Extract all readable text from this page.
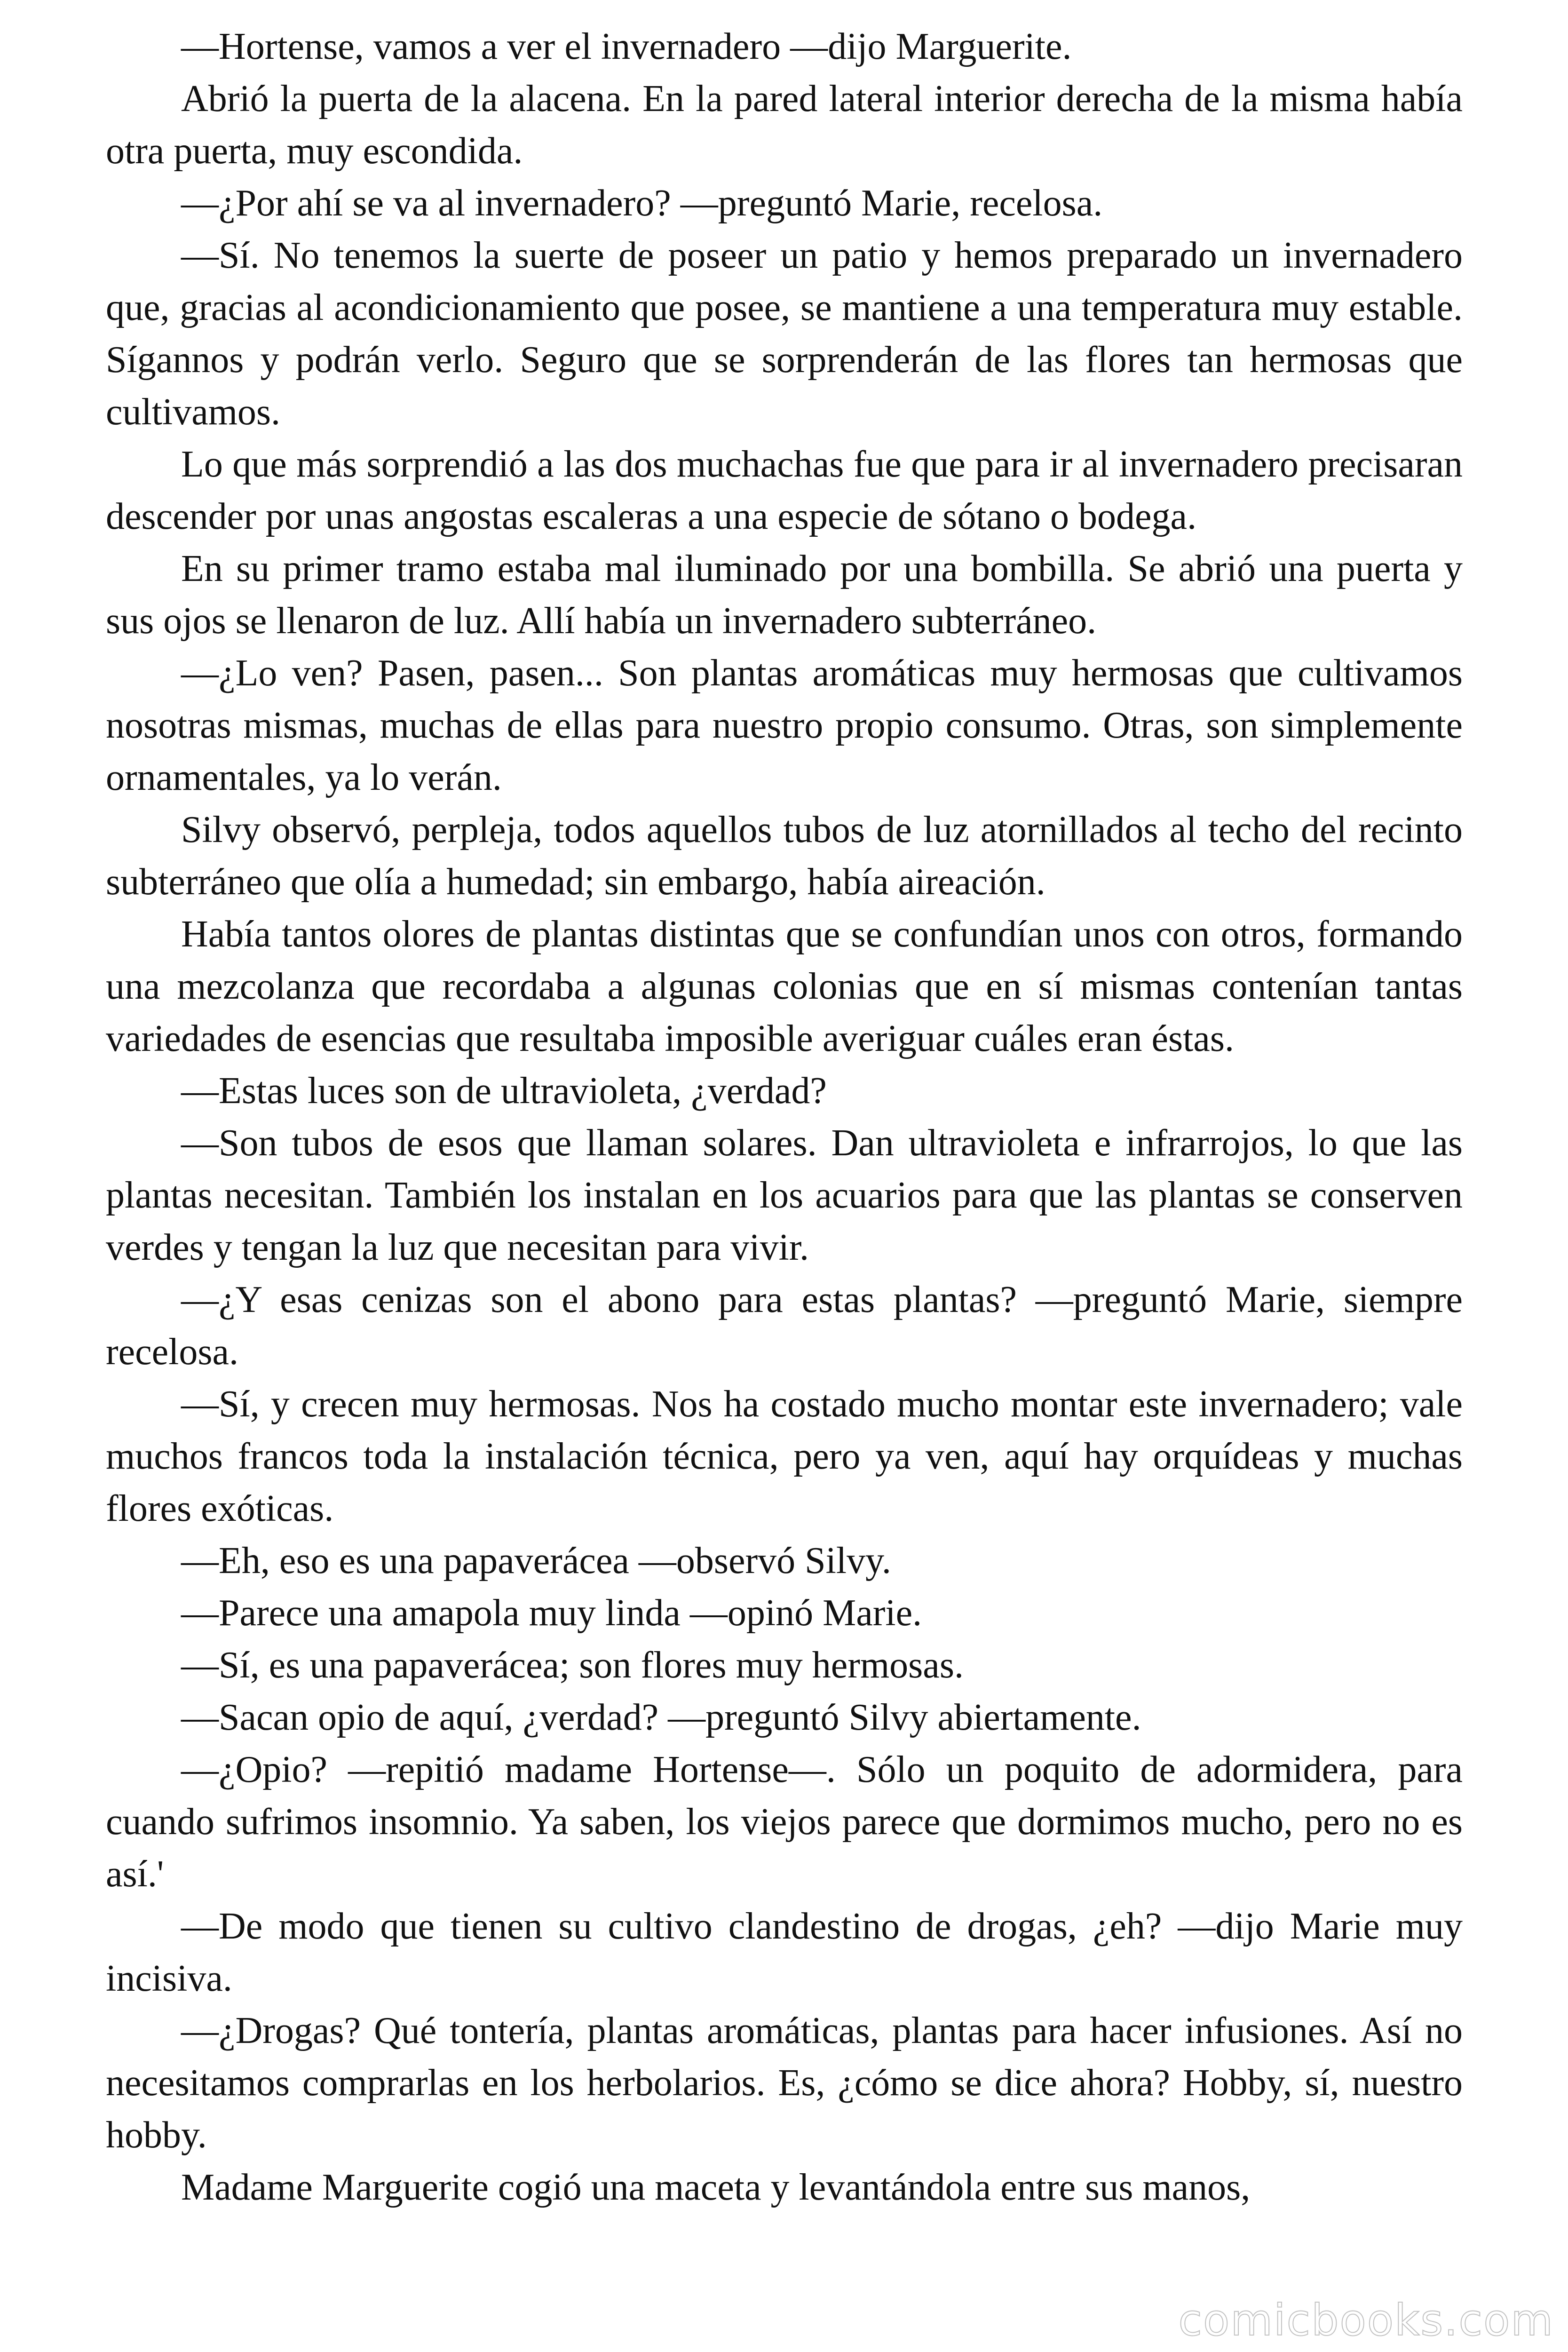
—Hortense, vamos a ver el invernadero —dijo Marguerite.

Abrió la puerta de la alacena. En la pared lateral interior derecha de la misma había otra puerta, muy escondida.

—¿Por ahí se va al invernadero? —preguntó Marie, recelosa.

—Sí. No tenemos la suerte de poseer un patio y hemos preparado un invernadero que, gracias al acondicionamiento que posee, se mantiene a una temperatura muy estable. Sígannos y podrán verlo. Seguro que se sorprenderán de las flores tan hermosas que cultivamos.

Lo que más sorprendió a las dos muchachas fue que para ir al invernadero precisaran descender por unas angostas escaleras a una especie de sótano o bodega.

En su primer tramo estaba mal iluminado por una bombilla. Se abrió una puerta y sus ojos se llenaron de luz. Allí había un invernadero subterráneo.

—¿Lo ven? Pasen, pasen... Son plantas aromáticas muy hermosas que cultivamos nosotras mismas, muchas de ellas para nuestro propio consumo. Otras, son simplemente ornamentales, ya lo verán.

Silvy observó, perpleja, todos aquellos tubos de luz atornillados al techo del recinto subterráneo que olía a humedad; sin embargo, había aireación.

Había tantos olores de plantas distintas que se confundían unos con otros, formando una mezcolanza que recordaba a algunas colonias que en sí mismas contenían tantas variedades de esencias que resultaba imposible averiguar cuáles eran éstas.

—Estas luces son de ultravioleta, ¿verdad?

—Son tubos de esos que llaman solares. Dan ultravioleta e infrarrojos, lo que las plantas necesitan. También los instalan en los acuarios para que las plantas se conserven verdes y tengan la luz que necesitan para vivir.

—¿Y esas cenizas son el abono para estas plantas? —preguntó Marie, siempre recelosa.

—Sí, y crecen muy hermosas. Nos ha costado mucho montar este invernadero; vale muchos francos toda la instalación técnica, pero ya ven, aquí hay orquídeas y muchas flores exóticas.

—Eh, eso es una papaverácea —observó Silvy.

—Parece una amapola muy linda —opinó Marie.

—Sí, es una papaverácea; son flores muy hermosas.

—Sacan opio de aquí, ¿verdad? —preguntó Silvy abiertamente.

—¿Opio? —repitió madame Hortense—. Sólo un poquito de adormidera, para cuando sufrimos insomnio. Ya saben, los viejos parece que dormimos mucho, pero no es así.'

—De modo que tienen su cultivo clandestino de drogas, ¿eh? —dijo Marie muy incisiva.

—¿Drogas? Qué tontería, plantas aromáticas, plantas para hacer infusiones. Así no necesitamos comprarlas en los herbolarios. Es, ¿cómo se dice ahora? Hobby, sí, nuestro hobby.

Madame Marguerite cogió una maceta y levantándola entre sus manos,

comicbooks.com
